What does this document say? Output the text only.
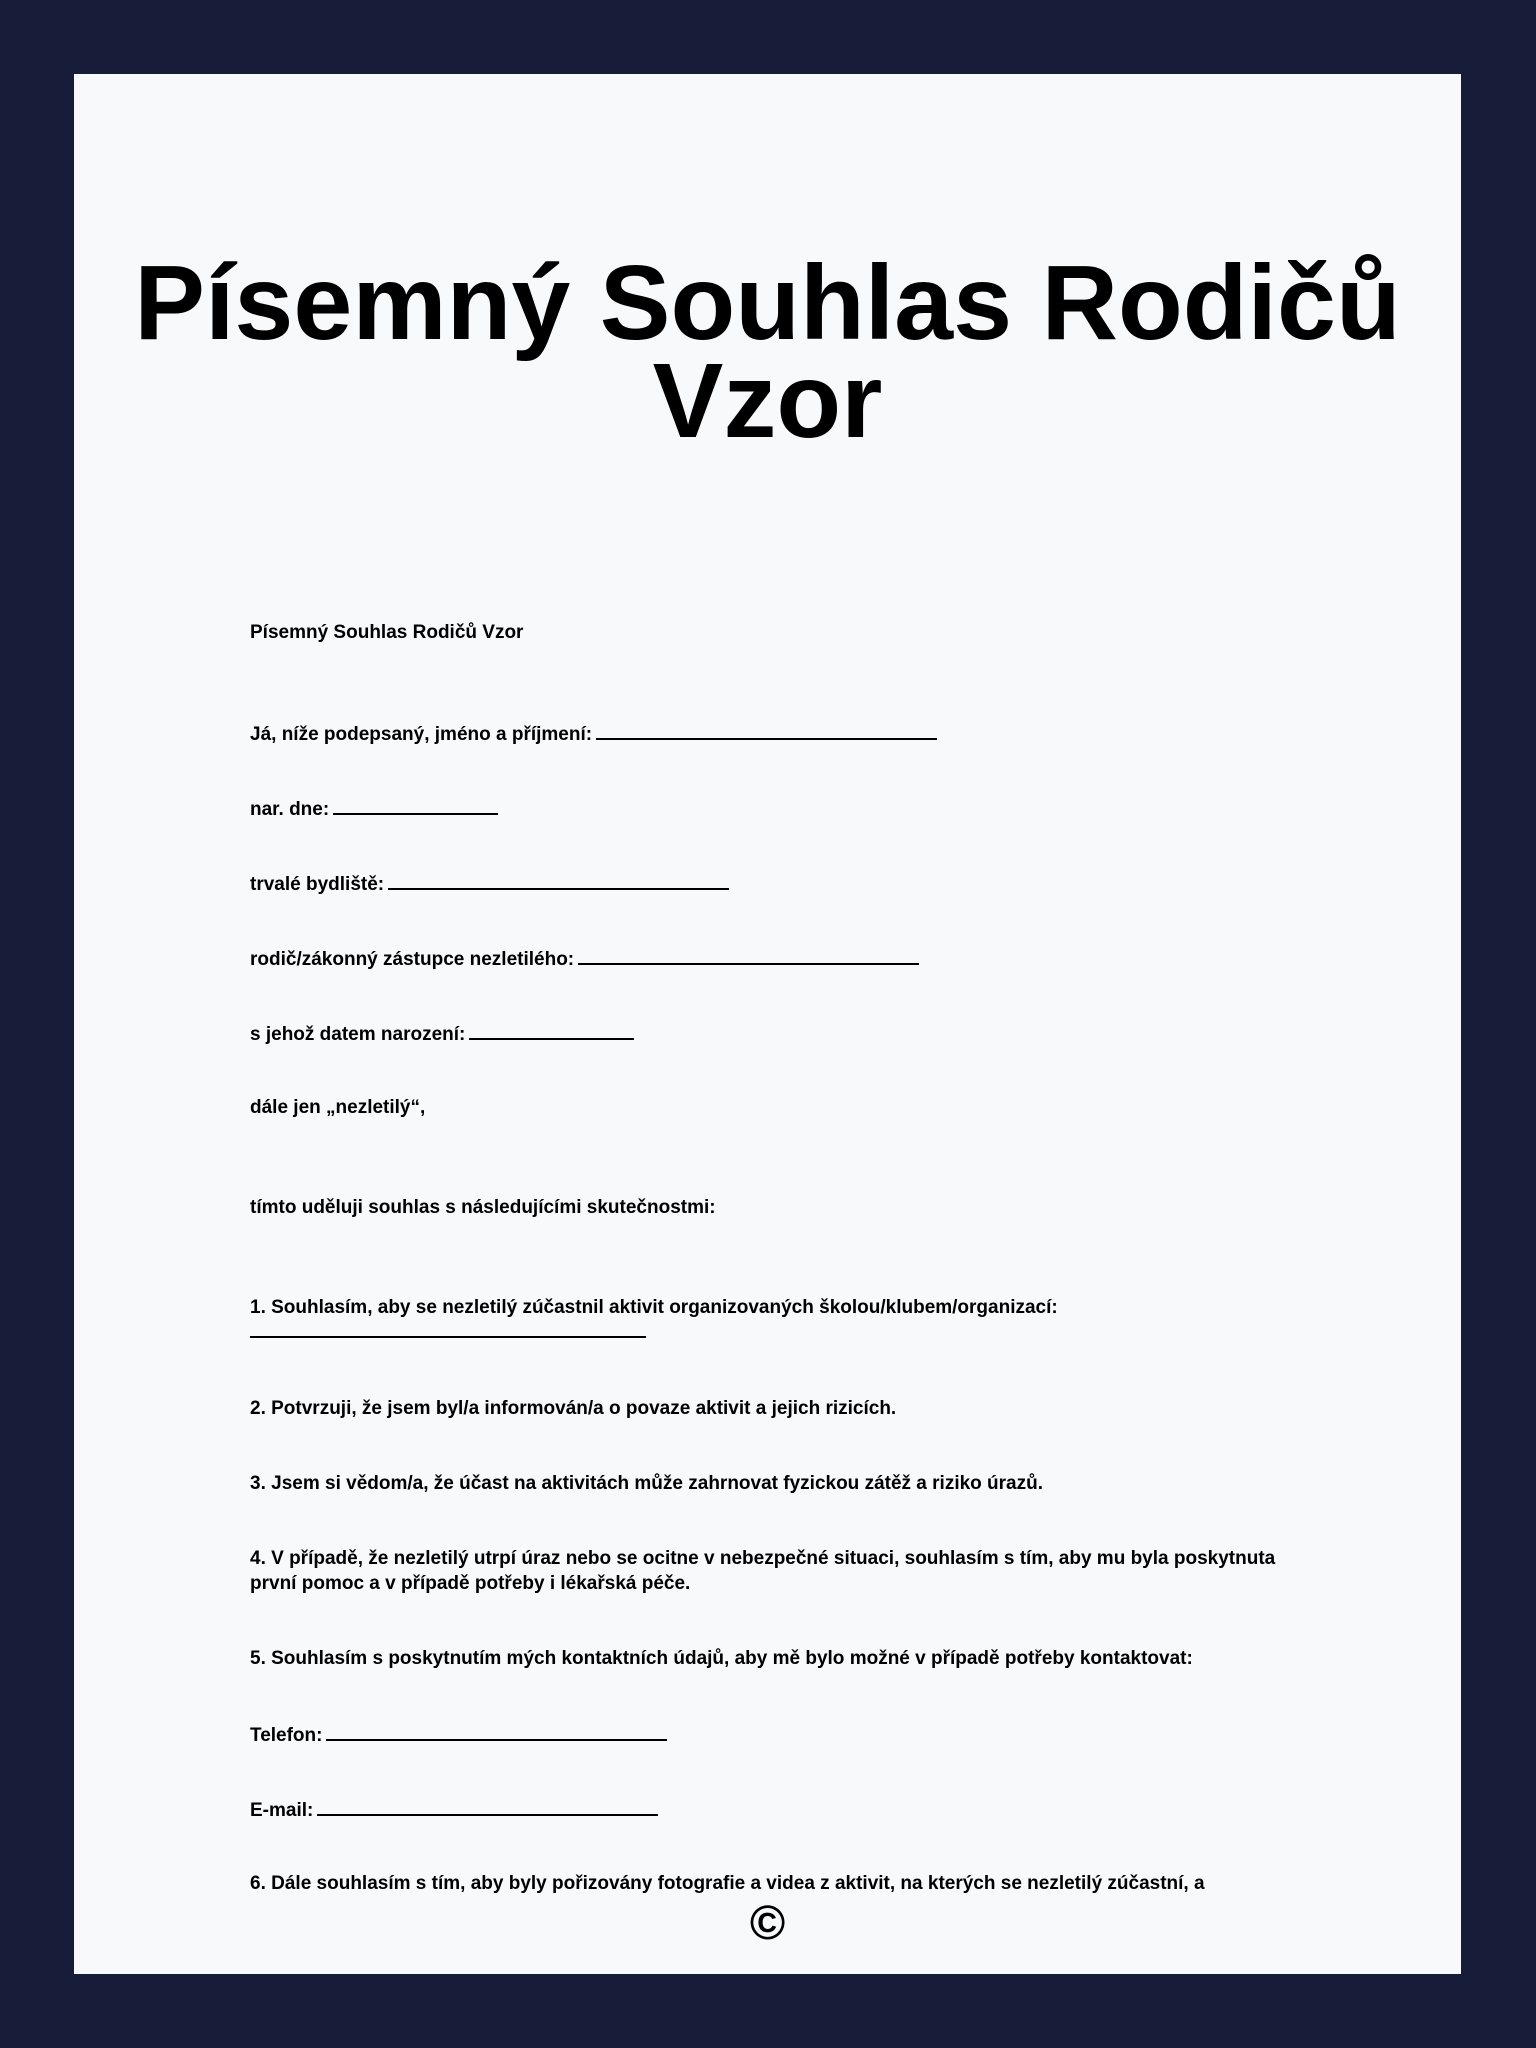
Písemný Souhlas Rodičů Vzor

Písemný Souhlas Rodičů Vzor

Já, níže podepsaný, jméno a příjmení:

nar. dne:

trvalé bydliště:

rodič/zákonný zástupce nezletilého:

s jehož datem narození:

dále jen „nezletilý“,

tímto uděluji souhlas s následujícími skutečnostmi:

1. Souhlasím, aby se nezletilý zúčastnil aktivit organizovaných školou/klubem/organizací:

2. Potvrzuji, že jsem byl/a informován/a o povaze aktivit a jejich rizicích.

3. Jsem si vědom/a, že účast na aktivitách může zahrnovat fyzickou zátěž a riziko úrazů.

4. V případě, že nezletilý utrpí úraz nebo se ocitne v nebezpečné situaci, souhlasím s tím, aby mu byla poskytnuta první pomoc a v případě potřeby i lékařská péče.

5. Souhlasím s poskytnutím mých kontaktních údajů, aby mě bylo možné v případě potřeby kontaktovat:

Telefon:

E-mail:

6. Dále souhlasím s tím, aby byly pořizovány fotografie a videa z aktivit, na kterých se nezletilý zúčastní, a

©
